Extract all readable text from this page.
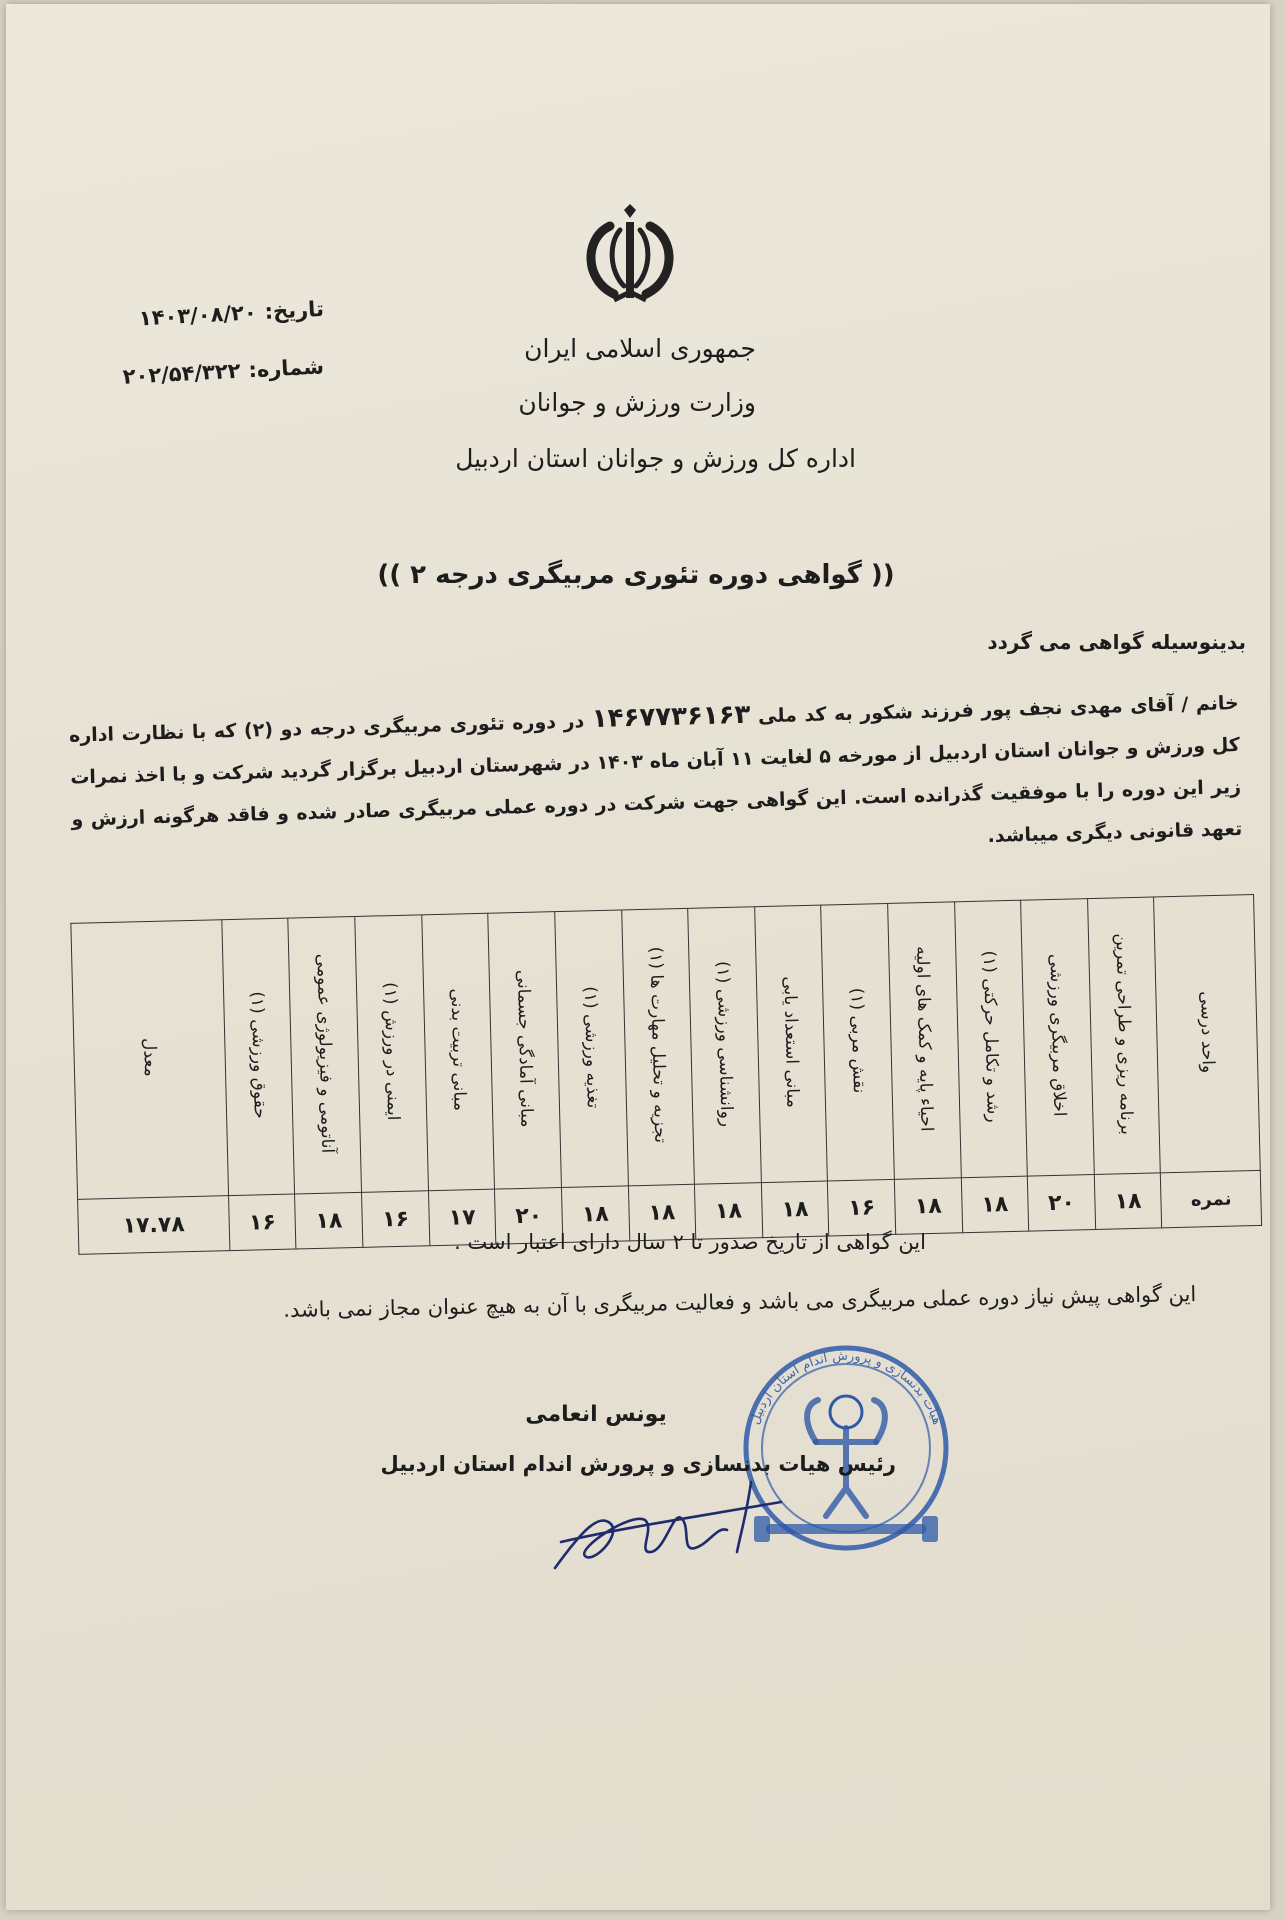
تاریخ:۱۴۰۳/۰۸/۲۰
شماره:۲۰۲/۵۴/۳۲۲
جمهوری اسلامی ایران
وزارت ورزش و جوانان
اداره کل ورزش و جوانان استان اردبیل
(( گواهی دوره تئوری مربیگری درجه ۲ ))
بدینوسیله گواهی می گردد
خانم / آقای مهدی نجف پور فرزند شکور به کد ملی ۱۴۶۷۷۳۶۱۶۳ در دوره تئوری مربیگری درجه دو (۲) که با نظارت اداره کل ورزش و جوانان استان اردبیل از مورخه ۵ لغایت ۱۱ آبان ماه ۱۴۰۳ در شهرستان اردبیل برگزار گردید شرکت و با اخذ نمرات زیر این دوره را با موفقیت گذرانده است. این گواهی جهت شرکت در دوره عملی مربیگری صادر شده و فاقد هرگونه ارزش و تعهد قانونی دیگری میباشد.
واحد درسی	برنامه ریزی و طراحی تمرین	اخلاق مربیگری ورزشی	رشد و تکامل حرکتی (۱)	احیاء پایه و کمک های اولیه	نقش مربی (۱)	مبانی استعداد یابی	روانشناسی ورزشی (۱)	تجزیه و تحلیل مهارت ها (۱)	تغذیه ورزشی (۱)	مبانی آمادگی جسمانی	مبانی تربیت بدنی	ایمنی در ورزش (۱)	آناتومی و فیزیولوژی عمومی	حقوق ورزشی (۱)	معدل
نمره	۱۸	۲۰	۱۸	۱۸	۱۶	۱۸	۱۸	۱۸	۱۸	۲۰	۱۷	۱۶	۱۸	۱۶	۱۷.۷۸
این گواهی از تاریخ صدور تا ۲ سال دارای اعتبار است .
این گواهی پیش نیاز دوره عملی مربیگری می باشد و فعالیت مربیگری با آن به هیچ عنوان مجاز نمی باشد.
هیات بدنسازی و پرورش اندام استان اردبیل
یونس انعامی
رئیس هیات بدنسازی و پرورش اندام استان اردبیل
